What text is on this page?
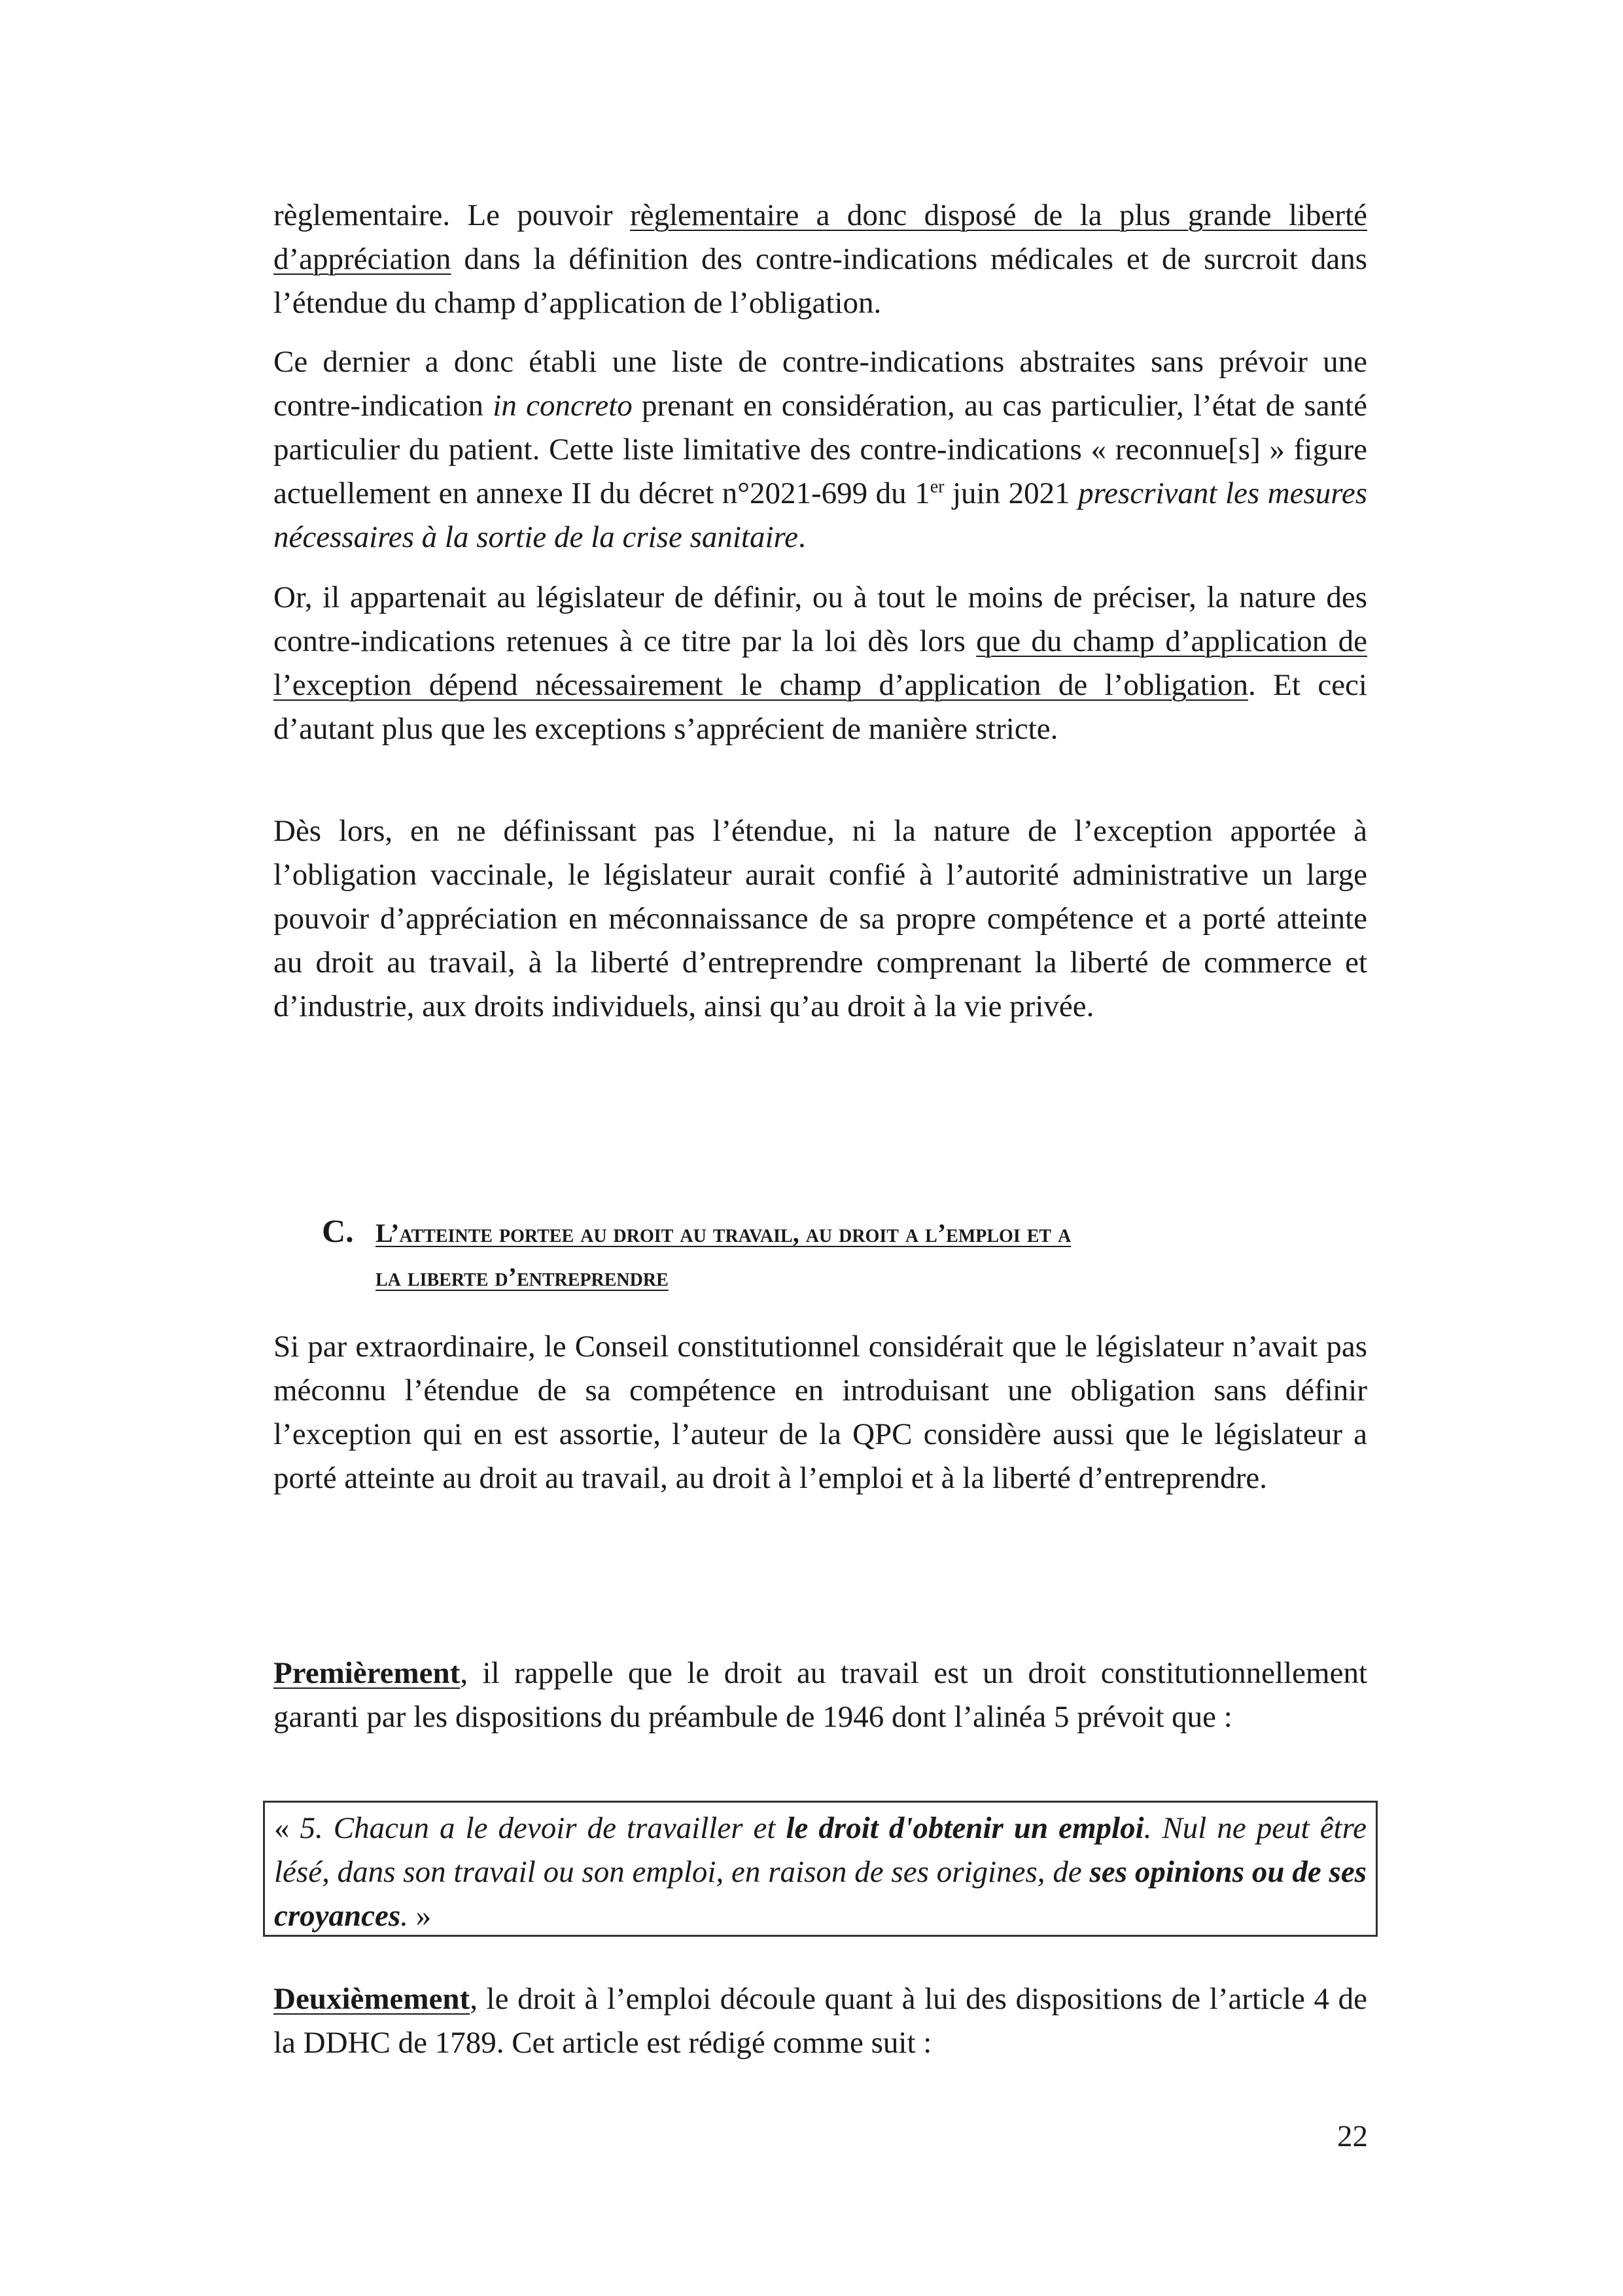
règlementaire. Le pouvoir règlementaire a donc disposé de la plus grande liberté d’appréciation dans la définition des contre-indications médicales et de surcroit dans l’étendue du champ d’application de l’obligation.

Ce dernier a donc établi une liste de contre-indications abstraites sans prévoir une contre-indication in concreto prenant en considération, au cas particulier, l’état de santé particulier du patient. Cette liste limitative des contre-indications « reconnue[s] » figure actuellement en annexe II du décret n°2021-699 du 1er juin 2021 prescrivant les mesures nécessaires à la sortie de la crise sanitaire.

Or, il appartenait au législateur de définir, ou à tout le moins de préciser, la nature des contre-indications retenues à ce titre par la loi dès lors que du champ d’application de l’exception dépend nécessairement le champ d’application de l’obligation. Et ceci d’autant plus que les exceptions s’apprécient de manière stricte.

Dès lors, en ne définissant pas l’étendue, ni la nature de l’exception apportée à l’obligation vaccinale, le législateur aurait confié à l’autorité administrative un large pouvoir d’appréciation en méconnaissance de sa propre compétence et a porté atteinte au droit au travail, à la liberté d’entreprendre comprenant la liberté de commerce et d’industrie, aux droits individuels, ainsi qu’au droit à la vie privée.

C. L’atteinte portee au droit au travail, au droit a l’emploi et a
la liberte d’entreprendre

Si par extraordinaire, le Conseil constitutionnel considérait que le législateur n’avait pas méconnu l’étendue de sa compétence en introduisant une obligation sans définir l’exception qui en est assortie, l’auteur de la QPC considère aussi que le législateur a porté atteinte au droit au travail, au droit à l’emploi et à la liberté d’entreprendre.

Premièrement, il rappelle que le droit au travail est un droit constitutionnellement garanti par les dispositions du préambule de 1946 dont l’alinéa 5 prévoit que :

« 5. Chacun a le devoir de travailler et le droit d'obtenir un emploi. Nul ne peut être lésé, dans son travail ou son emploi, en raison de ses origines, de ses opinions ou de ses croyances. »

Deuxièmement, le droit à l’emploi découle quant à lui des dispositions de l’article 4 de la DDHC de 1789. Cet article est rédigé comme suit :

22
